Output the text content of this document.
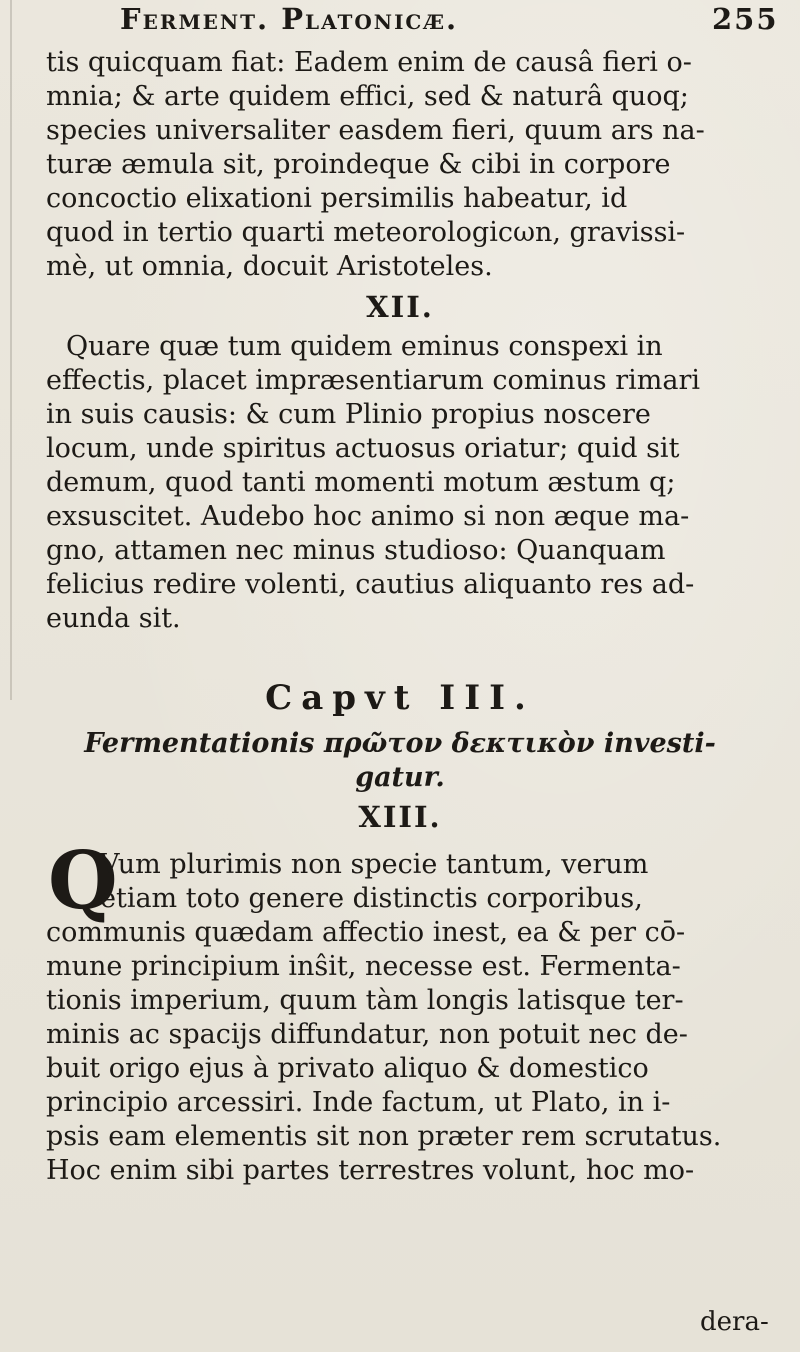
Ferment. Platonicæ.	255
tis quicquam fiat: Eadem enim de causâ fieri o-
mnia; & arte quidem effici, sed & naturâ quoq;
species universaliter easdem fieri, quum ars na-
turæ æmula sit, proindeque & cibi in corpore
concoctio elixationi persimilis habeatur, id
quod in tertio quarti meteorologicωn, gravissi-
mè, ut omnia, docuit Aristoteles.
XII.
Quare quæ tum quidem eminus conspexi in
effectis, placet impræsentiarum cominus rimari
in suis causis: & cum Plinio propius noscere
locum, unde spiritus actuosus oriatur; quid sit
demum, quod tanti momenti motum æstum q;
exsuscitet. Audebo hoc animo si non æque ma-
gno, attamen nec minus studioso: Quanquam
felicius redire volenti, cautius aliquanto res ad-
eunda sit.
Capvt III.
Fermentationis πρῶτον δεκτικὸν investi-
gatur.
XIII.
Q
Vum plurimis non specie tantum, verum
etiam toto genere distinctis corporibus,
communis quædam affectio inest, ea & per cō-
mune principium inŝit, necesse est. Fermenta-
tionis imperium, quum tàm longis latisque ter-
minis ac spacijs diffundatur, non potuit nec de-
buit origo ejus à privato aliquo & domestico
principio arcessiri. Inde factum, ut Plato, in i-
psis eam elementis sit non præter rem scrutatus.
Hoc enim sibi partes terrestres volunt, hoc mo-
dera-
